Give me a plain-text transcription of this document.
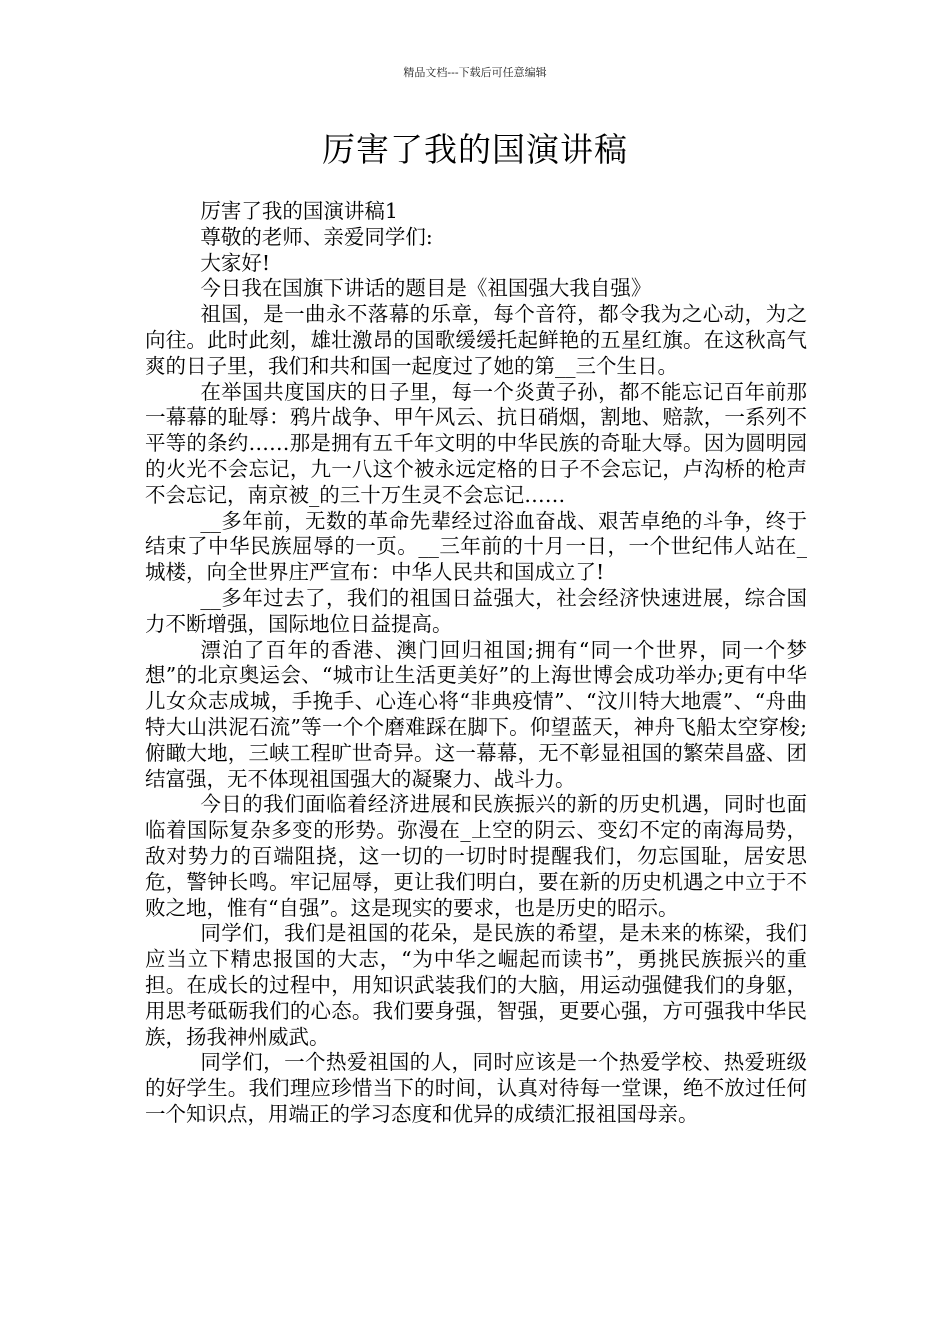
精品文档---下载后可任意编辑
厉害了我的国演讲稿

厉害了我的国演讲稿1

尊敬的老师、亲爱同学们:

大家好!

今日我在国旗下讲话的题目是《祖国强大我自强》

祖国，是一曲永不落幕的乐章，每个音符，都令我为之心动，为之向往。此时此刻，雄壮激昂的国歌缓缓托起鲜艳的五星红旗。在这秋高气爽的日子里，我们和共和国一起度过了她的第__三个生日。

在举国共度国庆的日子里，每一个炎黄子孙，都不能忘记百年前那一幕幕的耻辱：鸦片战争、甲午风云、抗日硝烟，割地、赔款，一系列不平等的条约……那是拥有五千年文明的中华民族的奇耻大辱。因为圆明园的火光不会忘记，九一八这个被永远定格的日子不会忘记，卢沟桥的枪声不会忘记，南京被_的三十万生灵不会忘记……

__多年前，无数的革命先辈经过浴血奋战、艰苦卓绝的斗争，终于结束了中华民族屈辱的一页。__三年前的十月一日，一个世纪伟人站在_城楼，向全世界庄严宣布：中华人民共和国成立了!

__多年过去了，我们的祖国日益强大，社会经济快速进展，综合国力不断增强，国际地位日益提高。

漂泊了百年的香港、澳门回归祖国;拥有“同一个世界，同一个梦想”的北京奥运会、“城市让生活更美好”的上海世博会成功举办;更有中华儿女众志成城，手挽手、心连心将“非典疫情”、“汶川特大地震”、“舟曲特大山洪泥石流”等一个个磨难踩在脚下。仰望蓝天，神舟飞船太空穿梭;俯瞰大地，三峡工程旷世奇异。这一幕幕，无不彰显祖国的繁荣昌盛、团结富强，无不体现祖国强大的凝聚力、战斗力。

今日的我们面临着经济进展和民族振兴的新的历史机遇，同时也面临着国际复杂多变的形势。弥漫在_上空的阴云、变幻不定的南海局势，敌对势力的百端阻挠，这一切的一切时时提醒我们，勿忘国耻，居安思危，警钟长鸣。牢记屈辱，更让我们明白，要在新的历史机遇之中立于不败之地，惟有“自强”。这是现实的要求，也是历史的昭示。

同学们，我们是祖国的花朵，是民族的希望，是未来的栋梁，我们应当立下精忠报国的大志，“为中华之崛起而读书”，勇挑民族振兴的重担。在成长的过程中，用知识武装我们的大脑，用运动强健我们的身躯，用思考砥砺我们的心态。我们要身强，智强，更要心强，方可强我中华民族，扬我神州威武。

同学们，一个热爱祖国的人，同时应该是一个热爱学校、热爱班级的好学生。我们理应珍惜当下的时间，认真对待每一堂课，绝不放过任何一个知识点，用端正的学习态度和优异的成绩汇报祖国母亲。
